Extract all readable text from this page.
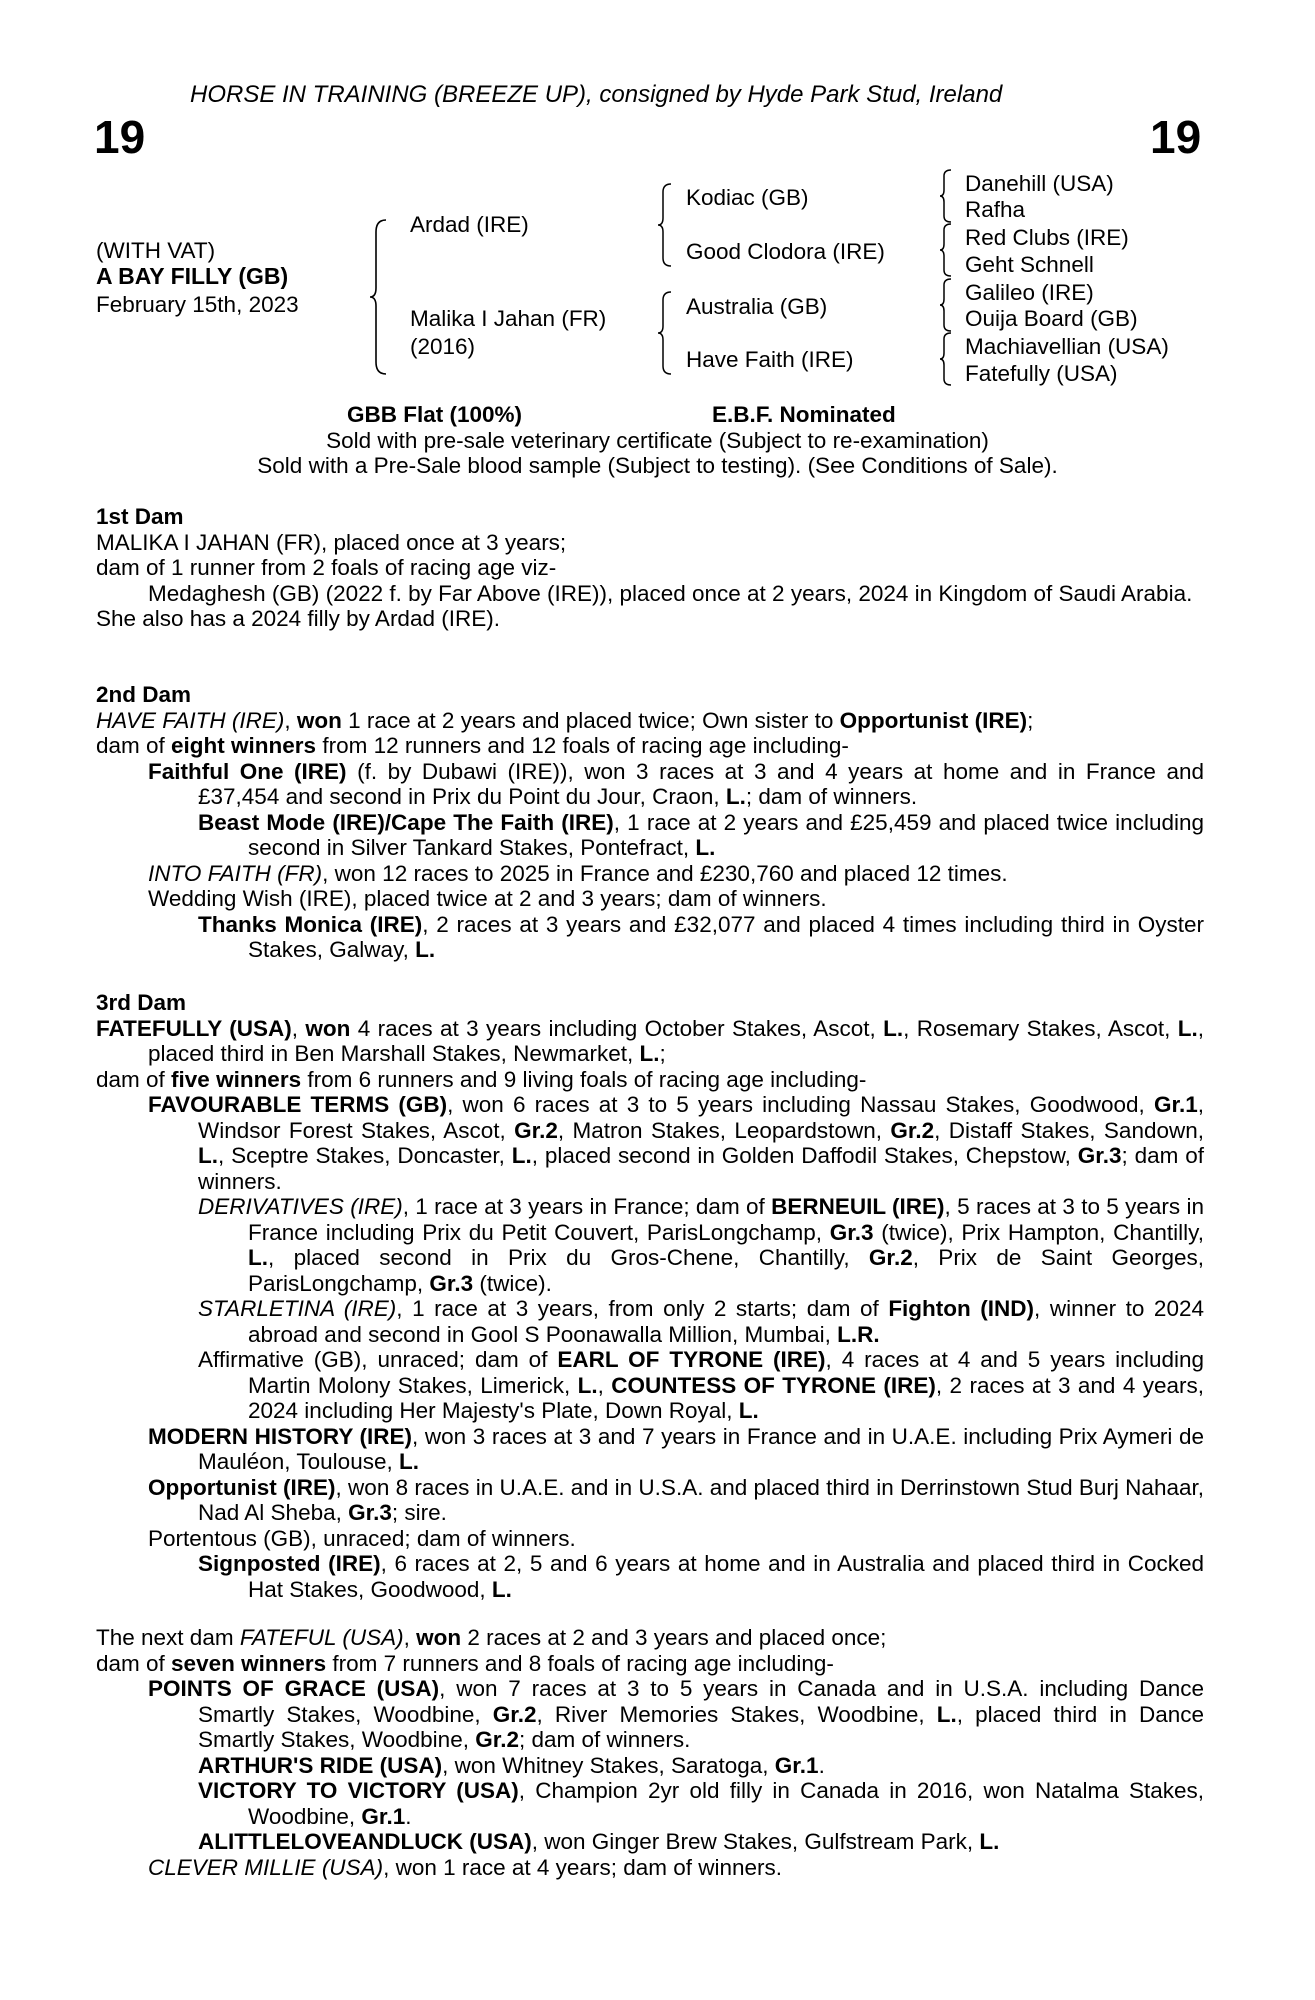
HORSE IN TRAINING (BREEZE UP), consigned by Hyde Park Stud, Ireland
19	19
(WITH VAT)
A BAY FILLY (GB)
February 15th, 2023
Ardad (IRE)
Malika I Jahan (FR)
(2016)
Kodiac (GB)
Good Clodora (IRE)
Australia (GB)
Have Faith (IRE)
Danehill (USA)
Rafha
Red Clubs (IRE)
Geht Schnell
Galileo (IRE)
Ouija Board (GB)
Machiavellian (USA)
Fatefully (USA)
GBB Flat (100%)	E.B.F. Nominated
Sold with pre-sale veterinary certificate (Subject to re-examination)
Sold with a Pre-Sale blood sample (Subject to testing). (See Conditions of Sale).

1st Dam

MALIKA I JAHAN (FR), placed once at 3 years;

dam of 1 runner from 2 foals of racing age viz-

Medaghesh (GB) (2022 f. by Far Above (IRE)), placed once at 2 years, 2024 in Kingdom of Saudi Arabia.

She also has a 2024 filly by Ardad (IRE).

2nd Dam

HAVE FAITH (IRE), won 1 race at 2 years and placed twice; Own sister to Opportunist (IRE);

dam of eight winners from 12 runners and 12 foals of racing age including-

Faithful One (IRE) (f. by Dubawi (IRE)), won 3 races at 3 and 4 years at home and in France and £37,454 and second in Prix du Point du Jour, Craon, L.; dam of winners.

Beast Mode (IRE)/Cape The Faith (IRE), 1 race at 2 years and £25,459 and placed twice including second in Silver Tankard Stakes, Pontefract, L.

INTO FAITH (FR), won 12 races to 2025 in France and £230,760 and placed 12 times.

Wedding Wish (IRE), placed twice at 2 and 3 years; dam of winners.

Thanks Monica (IRE), 2 races at 3 years and £32,077 and placed 4 times including third in Oyster Stakes, Galway, L.

3rd Dam

FATEFULLY (USA), won 4 races at 3 years including October Stakes, Ascot, L., Rosemary Stakes, Ascot, L., placed third in Ben Marshall Stakes, Newmarket, L.;

dam of five winners from 6 runners and 9 living foals of racing age including-

FAVOURABLE TERMS (GB), won 6 races at 3 to 5 years including Nassau Stakes, Goodwood, Gr.1, Windsor Forest Stakes, Ascot, Gr.2, Matron Stakes, Leopardstown, Gr.2, Distaff Stakes, Sandown, L., Sceptre Stakes, Doncaster, L., placed second in Golden Daffodil Stakes, Chepstow, Gr.3; dam of winners.

DERIVATIVES (IRE), 1 race at 3 years in France; dam of BERNEUIL (IRE), 5 races at 3 to 5 years in France including Prix du Petit Couvert, ParisLongchamp, Gr.3 (twice), Prix Hampton, Chantilly, L., placed second in Prix du Gros-Chene, Chantilly, Gr.2, Prix de Saint Georges, ParisLongchamp, Gr.3 (twice).

STARLETINA (IRE), 1 race at 3 years, from only 2 starts; dam of Fighton (IND), winner to 2024 abroad and second in Gool S Poonawalla Million, Mumbai, L.R.

Affirmative (GB), unraced; dam of EARL OF TYRONE (IRE), 4 races at 4 and 5 years including Martin Molony Stakes, Limerick, L., COUNTESS OF TYRONE (IRE), 2 races at 3 and 4 years, 2024 including Her Majesty's Plate, Down Royal, L.

MODERN HISTORY (IRE), won 3 races at 3 and 7 years in France and in U.A.E. including Prix Aymeri de Mauléon, Toulouse, L.

Opportunist (IRE), won 8 races in U.A.E. and in U.S.A. and placed third in Derrinstown Stud Burj Nahaar, Nad Al Sheba, Gr.3; sire.

Portentous (GB), unraced; dam of winners.

Signposted (IRE), 6 races at 2, 5 and 6 years at home and in Australia and placed third in Cocked Hat Stakes, Goodwood, L.

The next dam FATEFUL (USA), won 2 races at 2 and 3 years and placed once;

dam of seven winners from 7 runners and 8 foals of racing age including-

POINTS OF GRACE (USA), won 7 races at 3 to 5 years in Canada and in U.S.A. including Dance Smartly Stakes, Woodbine, Gr.2, River Memories Stakes, Woodbine, L., placed third in Dance Smartly Stakes, Woodbine, Gr.2; dam of winners.

ARTHUR'S RIDE (USA), won Whitney Stakes, Saratoga, Gr.1.

VICTORY TO VICTORY (USA), Champion 2yr old filly in Canada in 2016, won Natalma Stakes, Woodbine, Gr.1.

ALITTLELOVEANDLUCK (USA), won Ginger Brew Stakes, Gulfstream Park, L.

CLEVER MILLIE (USA), won 1 race at 4 years; dam of winners.
